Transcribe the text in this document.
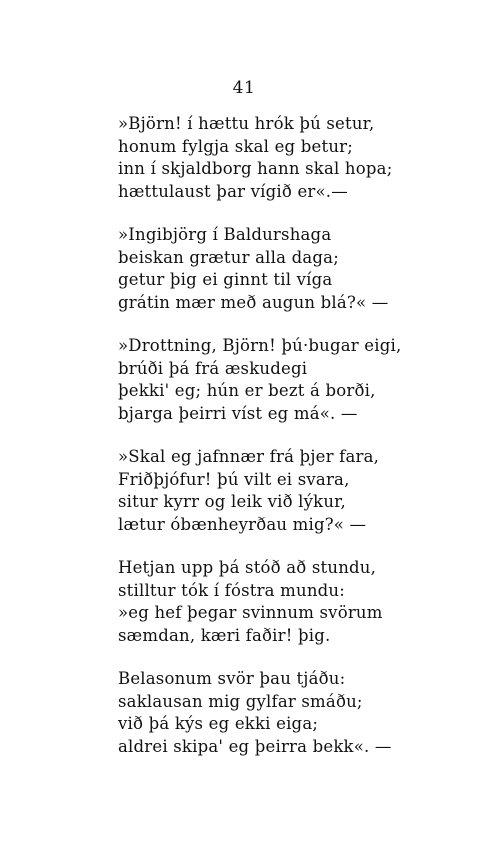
41
»Björn! í hættu hrók þú setur,
honum fylgja skal eg betur;
inn í skjaldborg hann skal hopa;
hættulaust þar vígið er«.—
»Ingibjörg í Baldurshaga
beiskan grætur alla daga;
getur þig ei ginnt til víga
grátin mær með augun blá?« —
»Drottning, Björn! þú·bugar eigi,
brúði þá frá æskudegi
þekki' eg; hún er bezt á borði,
bjarga þeirri víst eg má«. —
»Skal eg jafnnær frá þjer fara,
Friðþjófur! þú vilt ei svara,
situr kyrr og leik við lýkur,
lætur óbænheyrðau mig?« —
Hetjan upp þá stóð að stundu,
stilltur tók í fóstra mundu:
»eg hef þegar svinnum svörum
sæmdan, kæri faðir! þig.
Belasonum svör þau tjáðu:
saklausan mig gylfar smáðu;
við þá kýs eg ekki eiga;
aldrei skipa' eg þeirra bekk«. —
